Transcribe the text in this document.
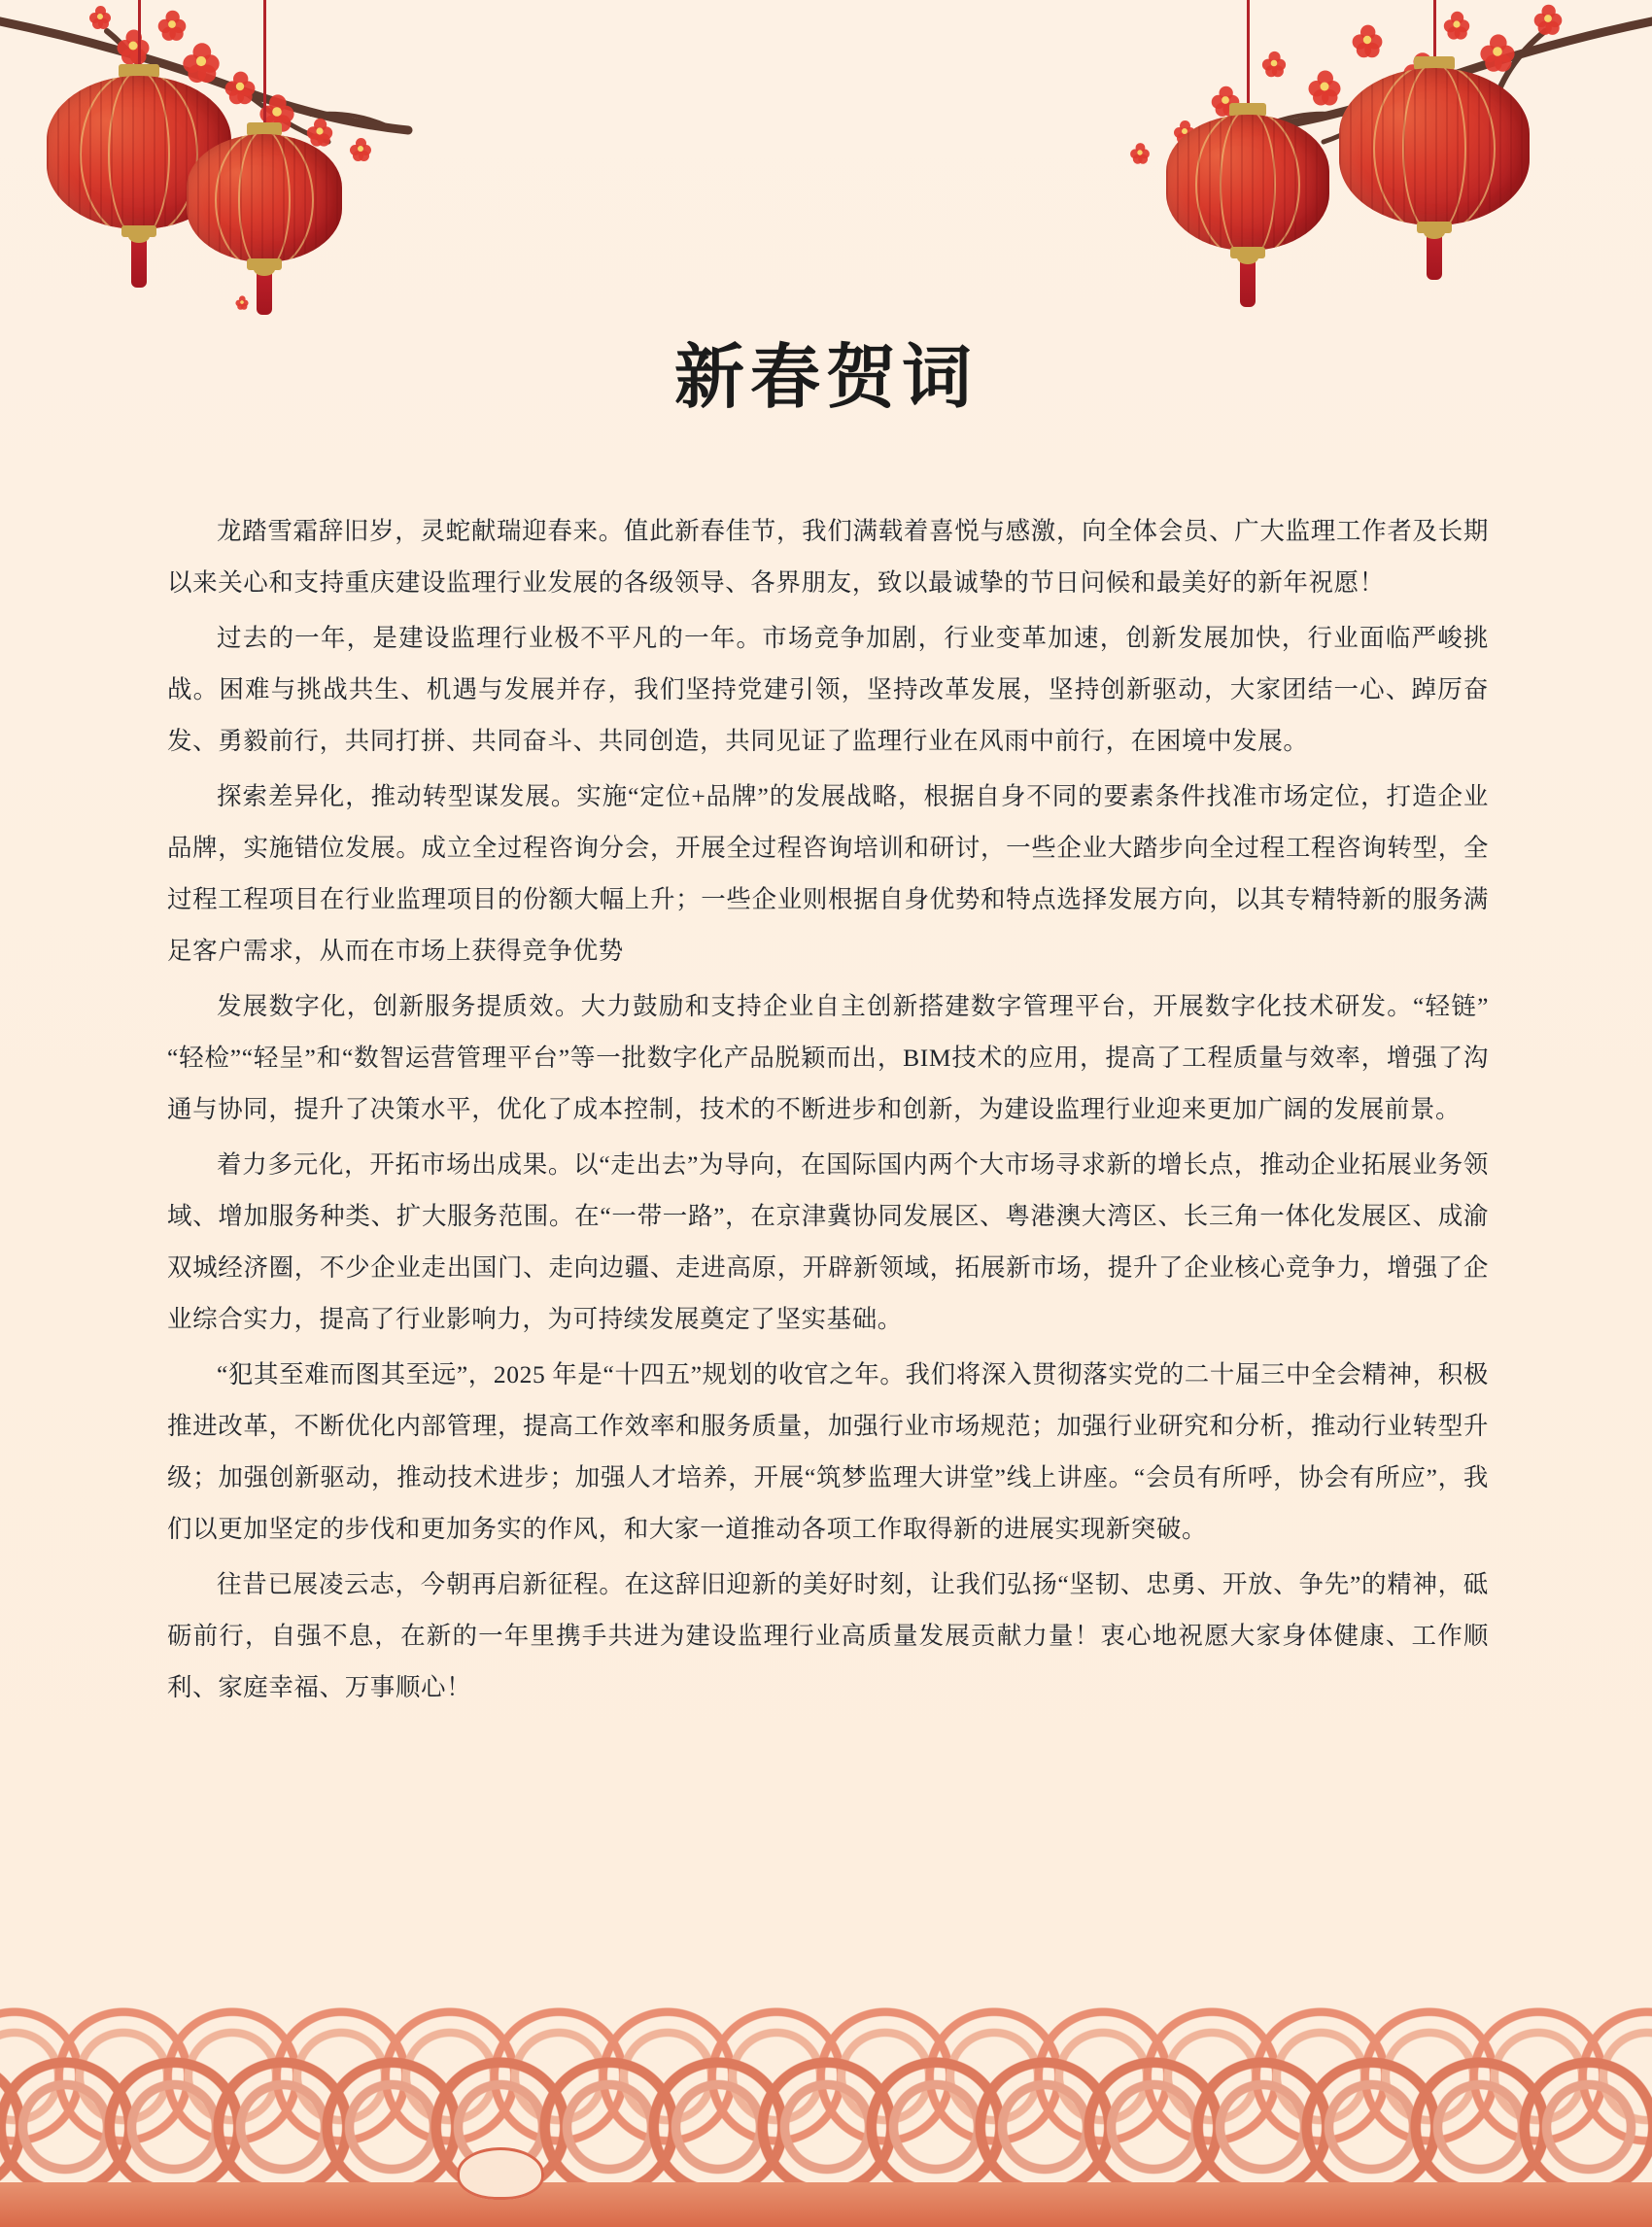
新春贺词

龙踏雪霜辞旧岁，灵蛇献瑞迎春来。值此新春佳节，我们满载着喜悦与感激，向全体会员、广大监理工作者及长期以来关心和支持重庆建设监理行业发展的各级领导、各界朋友，致以最诚挚的节日问候和最美好的新年祝愿！

过去的一年，是建设监理行业极不平凡的一年。市场竞争加剧，行业变革加速，创新发展加快，行业面临严峻挑战。困难与挑战共生、机遇与发展并存，我们坚持党建引领，坚持改革发展，坚持创新驱动，大家团结一心、踔厉奋发、勇毅前行，共同打拼、共同奋斗、共同创造，共同见证了监理行业在风雨中前行，在困境中发展。

探索差异化，推动转型谋发展。实施“定位+品牌”的发展战略，根据自身不同的要素条件找准市场定位，打造企业品牌，实施错位发展。成立全过程咨询分会，开展全过程咨询培训和研讨，一些企业大踏步向全过程工程咨询转型，全过程工程项目在行业监理项目的份额大幅上升；一些企业则根据自身优势和特点选择发展方向，以其专精特新的服务满足客户需求，从而在市场上获得竞争优势

发展数字化，创新服务提质效。大力鼓励和支持企业自主创新搭建数字管理平台，开展数字化技术研发。“轻链”“轻检”“轻呈”和“数智运营管理平台”等一批数字化产品脱颖而出，BIM技术的应用，提高了工程质量与效率，增强了沟通与协同，提升了决策水平，优化了成本控制，技术的不断进步和创新，为建设监理行业迎来更加广阔的发展前景。

着力多元化，开拓市场出成果。以“走出去”为导向，在国际国内两个大市场寻求新的增长点，推动企业拓展业务领域、增加服务种类、扩大服务范围。在“一带一路”，在京津冀协同发展区、粤港澳大湾区、长三角一体化发展区、成渝双城经济圈，不少企业走出国门、走向边疆、走进高原，开辟新领域，拓展新市场，提升了企业核心竞争力，增强了企业综合实力，提高了行业影响力，为可持续发展奠定了坚实基础。

“犯其至难而图其至远”，2025 年是“十四五”规划的收官之年。我们将深入贯彻落实党的二十届三中全会精神，积极推进改革，不断优化内部管理，提高工作效率和服务质量，加强行业市场规范；加强行业研究和分析，推动行业转型升级；加强创新驱动，推动技术进步；加强人才培养，开展“筑梦监理大讲堂”线上讲座。“会员有所呼，协会有所应”，我们以更加坚定的步伐和更加务实的作风，和大家一道推动各项工作取得新的进展实现新突破。

往昔已展凌云志，今朝再启新征程。在这辞旧迎新的美好时刻，让我们弘扬“坚韧、忠勇、开放、争先”的精神，砥砺前行，自强不息，在新的一年里携手共进为建设监理行业高质量发展贡献力量！衷心地祝愿大家身体健康、工作顺利、家庭幸福、万事顺心！
